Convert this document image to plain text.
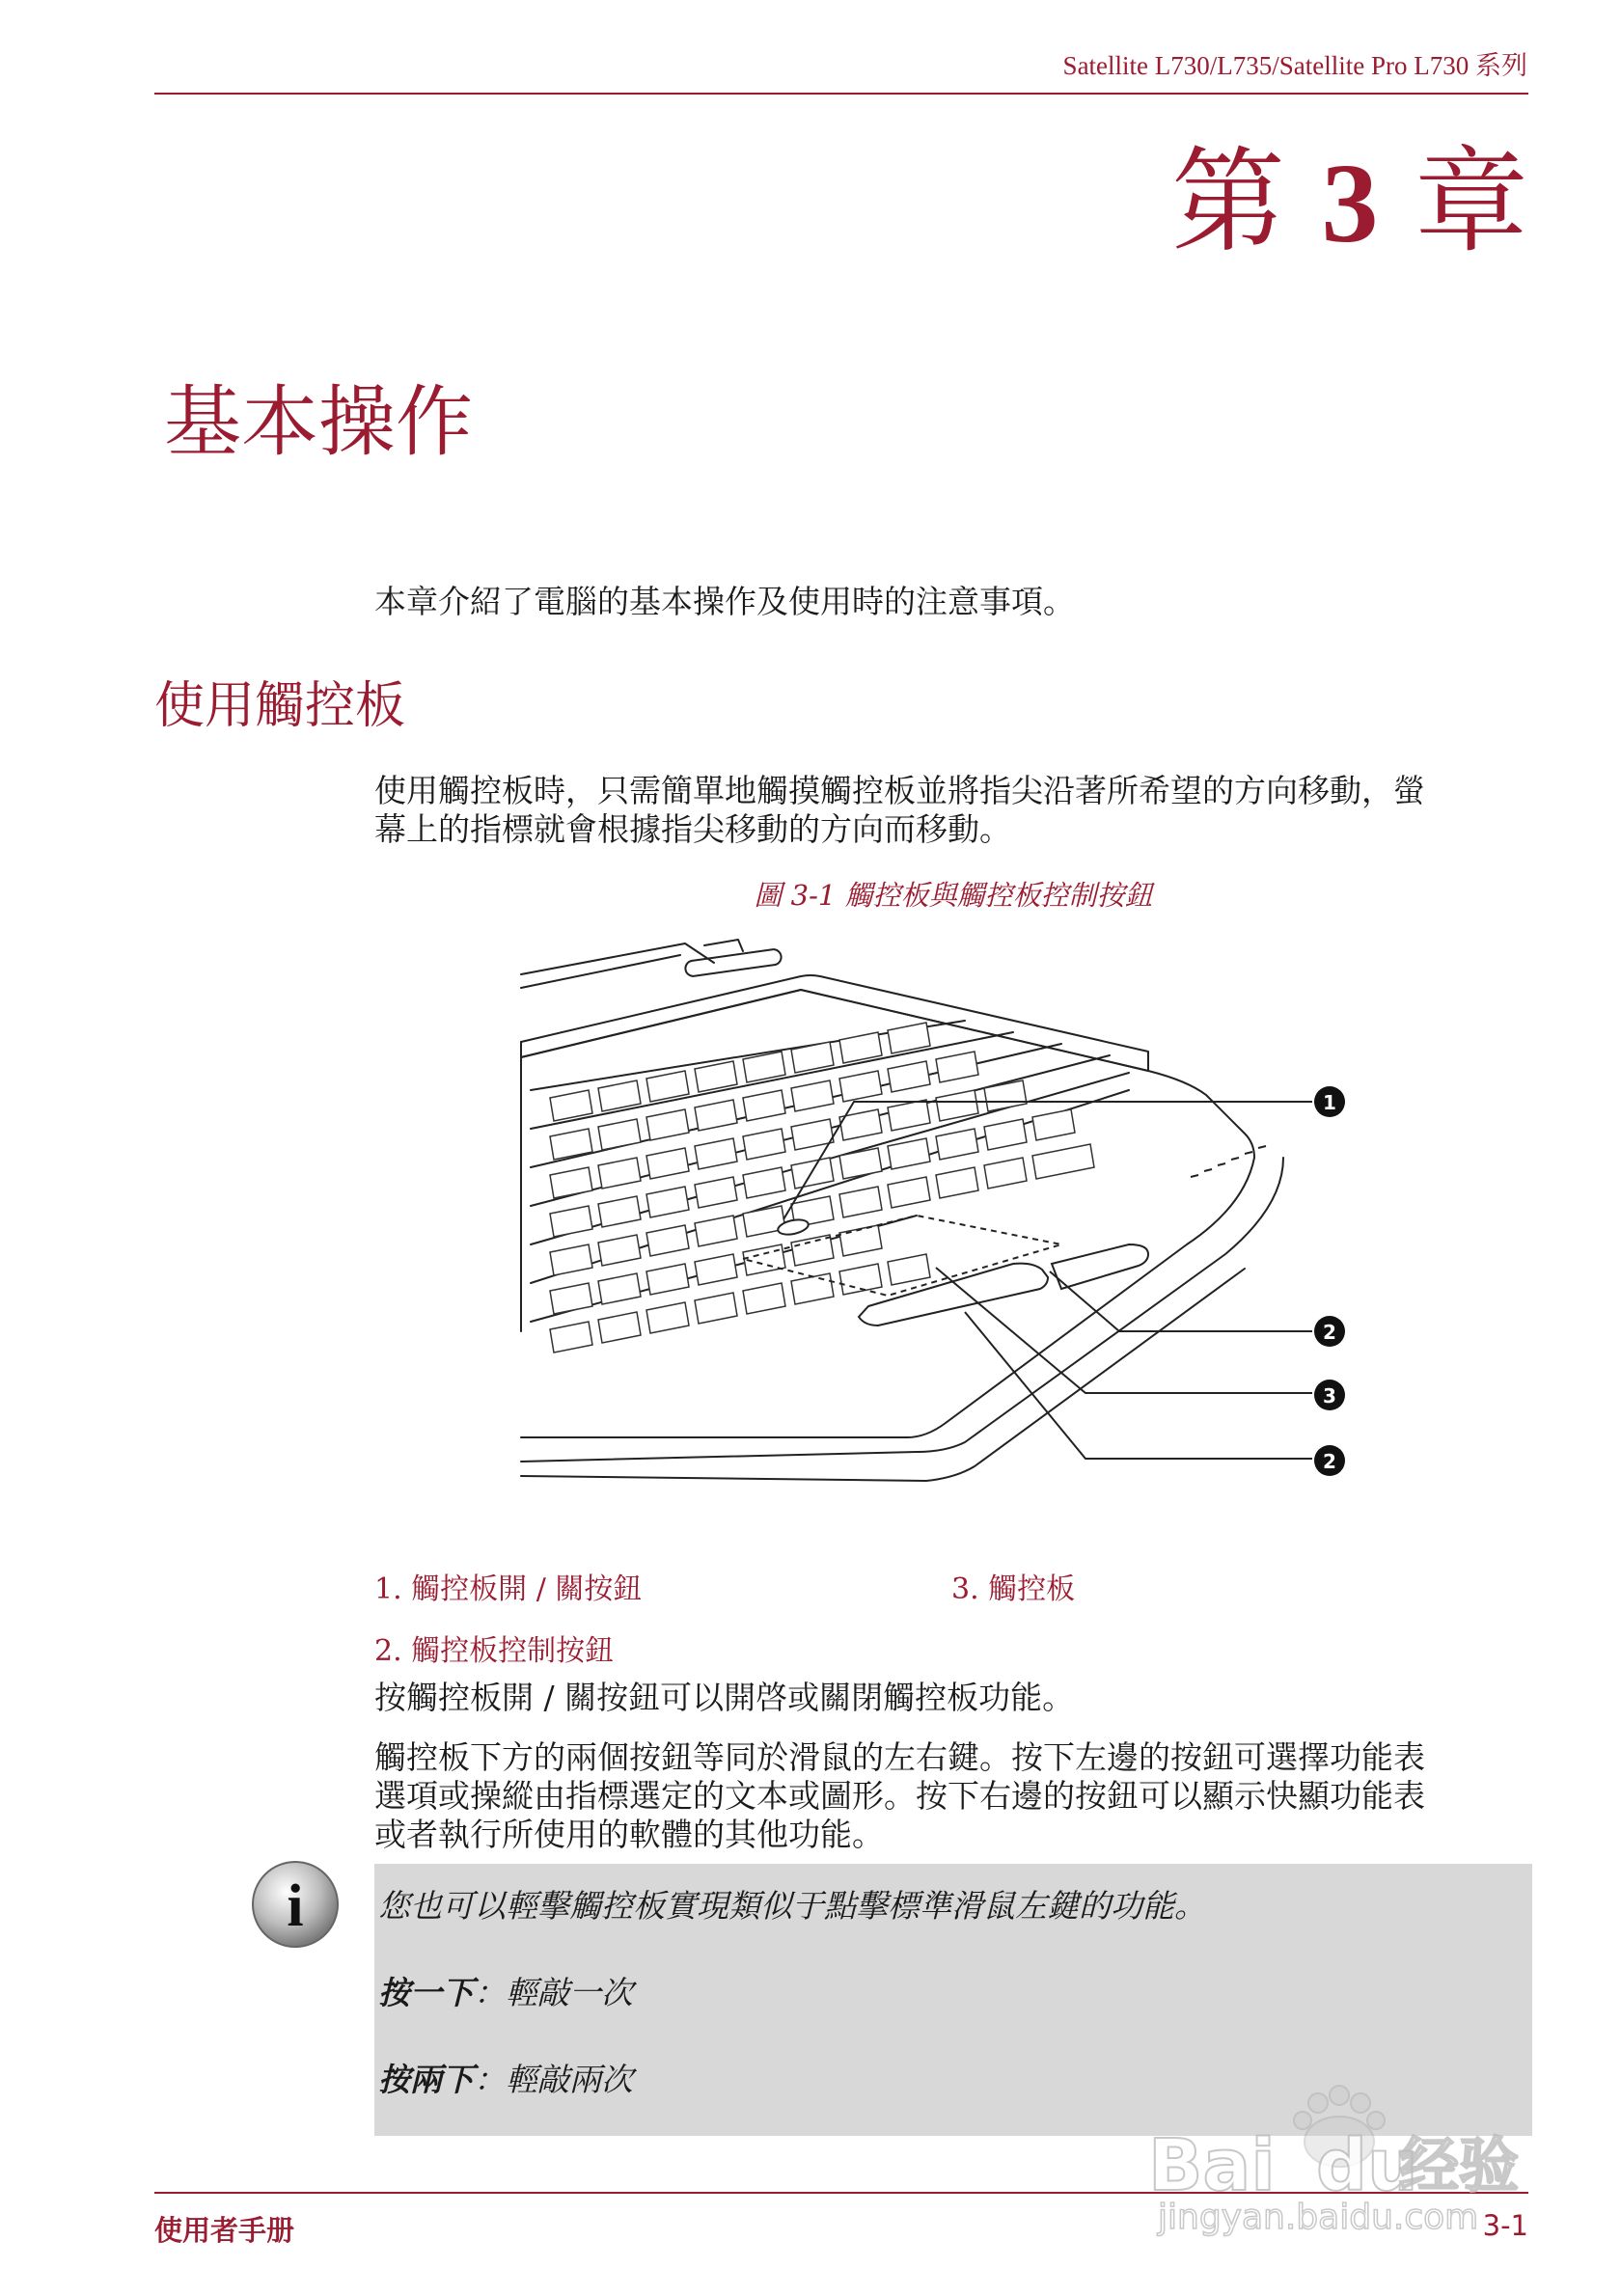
Satellite L730/L735/Satellite Pro L730 系列
第 3 章
基本操作
本章介紹了電腦的基本操作及使用時的注意事項。
使用觸控板
使用觸控板時，只需簡單地觸摸觸控板並將指尖沿著所希望的方向移動，螢
幕上的指標就會根據指尖移動的方向而移動。
圖 3-1 觸控板與觸控板控制按鈕
1
2
3
2
1. 觸控板開 / 關按鈕	3. 觸控板
2. 觸控板控制按鈕
按觸控板開 / 關按鈕可以開啓或關閉觸控板功能。
觸控板下方的兩個按鈕等同於滑鼠的左右鍵。按下左邊的按鈕可選擇功能表
選項或操縱由指標選定的文本或圖形。按下右邊的按鈕可以顯示快顯功能表
或者執行所使用的軟體的其他功能。
i 您也可以輕擊觸控板實現類似于點擊標準滑鼠左鍵的功能。
按一下：輕敲一次
按兩下：輕敲兩次
使用者手册	3-1
Bai du
经验
jingyan.baidu.com
